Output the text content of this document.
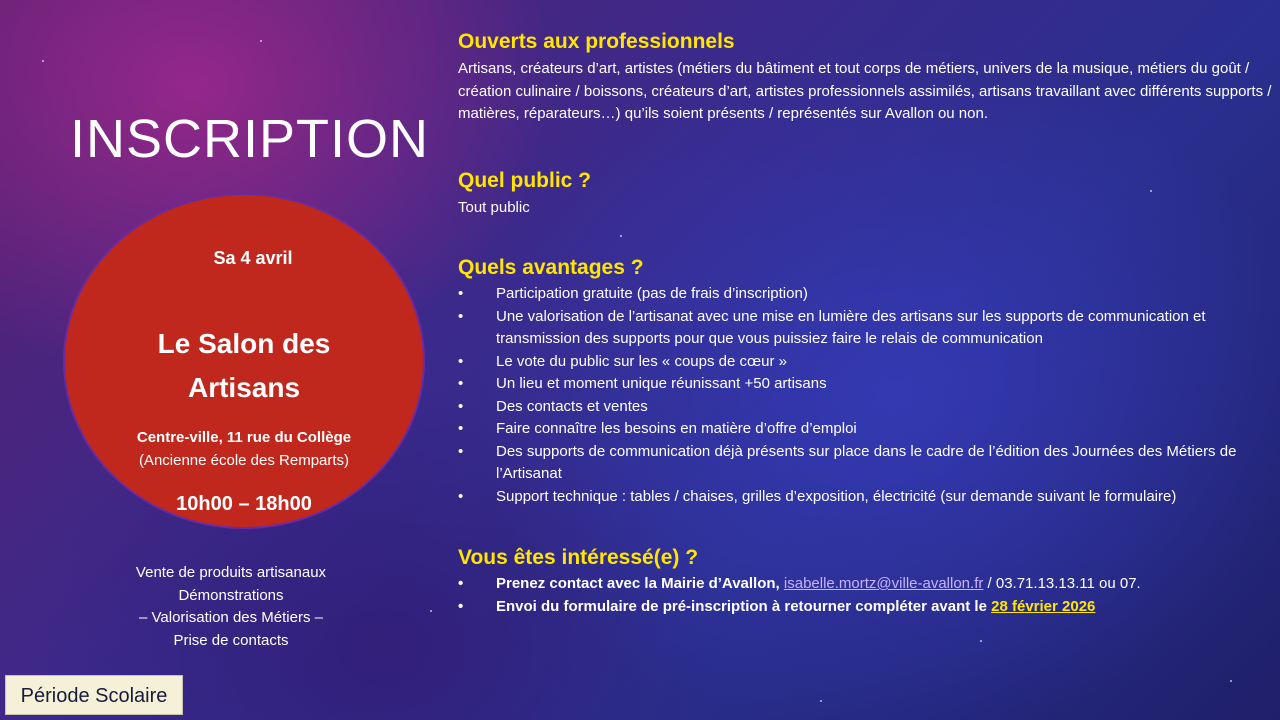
INSCRIPTION
Sa 4 avril
Le Salon des
Artisans
Centre-ville, 11 rue du Collège
(Ancienne école des Remparts)
10h00 – 18h00
Vente de produits artisanaux
Démonstrations
– Valorisation des Métiers –
Prise de contacts
Période Scolaire
Ouverts aux professionnels

Artisans, créateurs d’art, artistes (métiers du bâtiment et tout corps de métiers, univers de la musique, métiers du goût / création culinaire / boissons, créateurs d’art, artistes professionnels assimilés, artisans travaillant avec différents supports / matières, réparateurs…) qu’ils soient présents / représentés sur Avallon ou non.

Quel public ?

Tout public

Quels avantages ?
• Participation gratuite (pas de frais d’inscription)
• Une valorisation de l’artisanat avec une mise en lumière des artisans sur les supports de communication et transmission des supports pour que vous puissiez faire le relais de communication
• Le vote du public sur les « coups de cœur »
• Un lieu et moment unique réunissant +50 artisans
• Des contacts et ventes
• Faire connaître les besoins en matière d’offre d’emploi
• Des supports de communication déjà présents sur place dans le cadre de l’édition des Journées des Métiers de l’Artisanat
• Support technique : tables / chaises, grilles d’exposition, électricité (sur demande suivant le formulaire)
Vous êtes intéressé(e) ?
• Prenez contact avec la Mairie d’Avallon, isabelle.mortz@ville-avallon.fr / 03.71.13.13.11 ou 07.
• Envoi du formulaire de pré-inscription à retourner compléter avant le 28 février 2026
